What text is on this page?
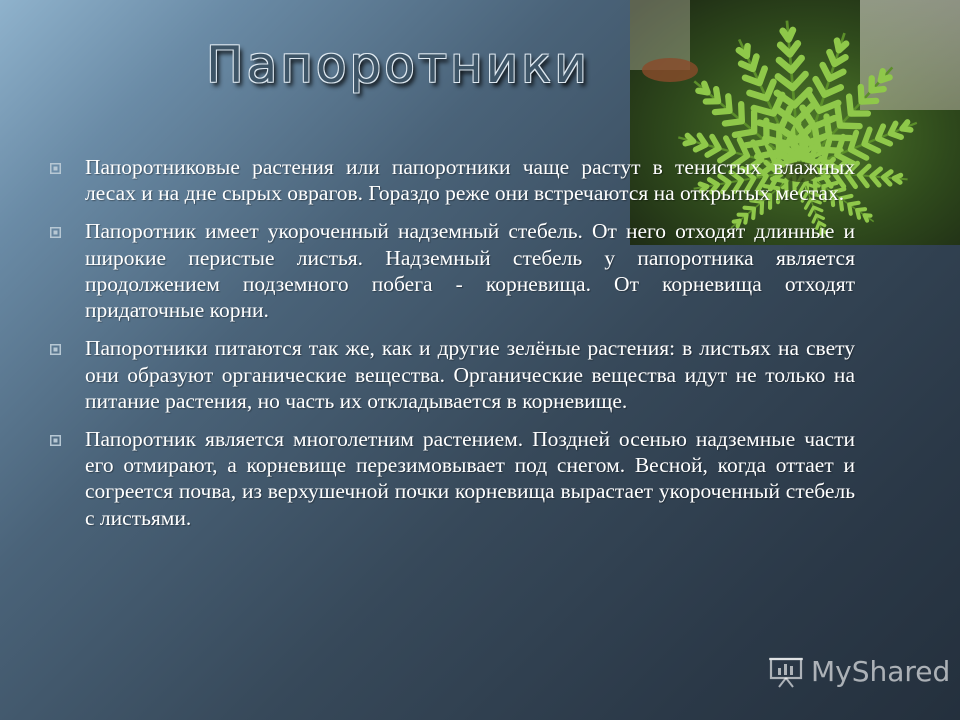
Папоротники
Папоротниковые растения или папоротники чаще растут в тенистых влажных лесах и на дне сырых оврагов. Гораздо реже они встречаются на открытых местах.
Папоротник имеет укороченный надземный стебель. От него отходят длинные и широкие перистые листья. Надземный стебель у папоротника является продолжением подземного побега - корневища. От корневища отходят придаточные корни.
Папоротники питаются так же, как и другие зелёные растения: в листьях на свету они образуют органические вещества. Органические вещества идут не только на питание растения, но часть их откладывается в корневище.
Папоротник является многолетним растением. Поздней осенью надземные части его отмирают, а корневище перезимовывает под снегом. Весной, когда оттает и согреется почва, из верхушечной почки корневища вырастает укороченный стебель с листьями.
MyShared
